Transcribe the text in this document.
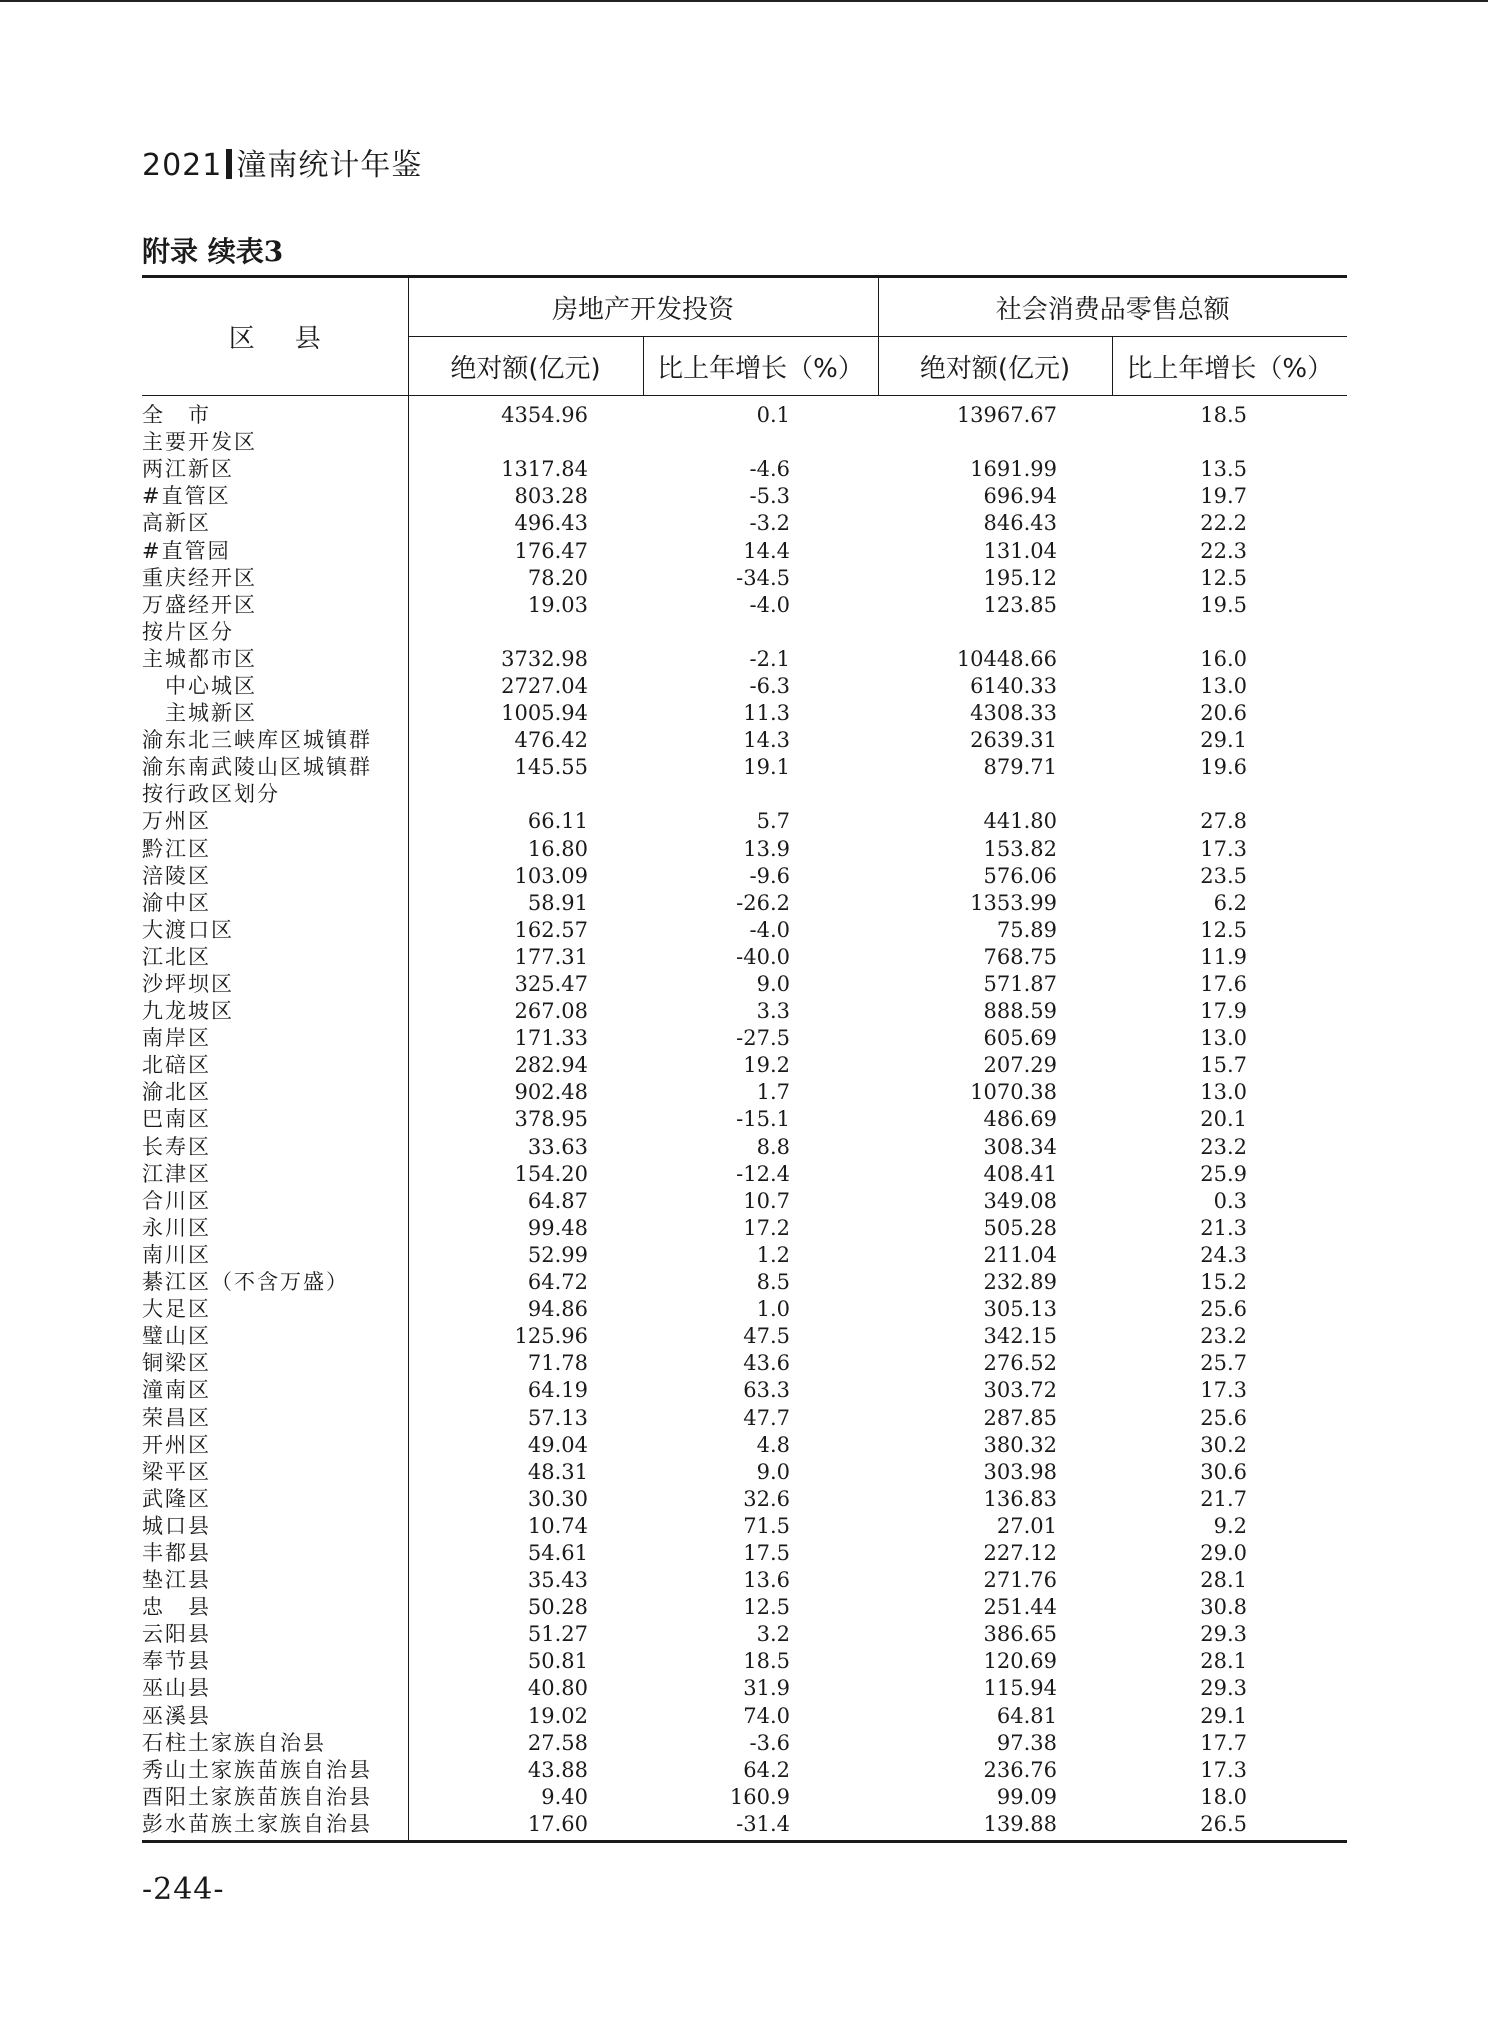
2021 潼南统计年鉴
附录 续表3
区县	房地产开发投资		社会消费品零售总额	
	绝对额(亿元)	比上年增长（%）	绝对额(亿元)	比上年增长（%）
全　市	4354.96	0.1	13967.67	18.5
主要开发区				
两江新区	1317.84	-4.6	1691.99	13.5
#直管区	803.28	-5.3	696.94	19.7
高新区	496.43	-3.2	846.43	22.2
#直管园	176.47	14.4	131.04	22.3
重庆经开区	78.20	-34.5	195.12	12.5
万盛经开区	19.03	-4.0	123.85	19.5
按片区分				
主城都市区	3732.98	-2.1	10448.66	16.0
　中心城区	2727.04	-6.3	6140.33	13.0
　主城新区	1005.94	11.3	4308.33	20.6
渝东北三峡库区城镇群	476.42	14.3	2639.31	29.1
渝东南武陵山区城镇群	145.55	19.1	879.71	19.6
按行政区划分				
万州区	66.11	5.7	441.80	27.8
黔江区	16.80	13.9	153.82	17.3
涪陵区	103.09	-9.6	576.06	23.5
渝中区	58.91	-26.2	1353.99	6.2
大渡口区	162.57	-4.0	75.89	12.5
江北区	177.31	-40.0	768.75	11.9
沙坪坝区	325.47	9.0	571.87	17.6
九龙坡区	267.08	3.3	888.59	17.9
南岸区	171.33	-27.5	605.69	13.0
北碚区	282.94	19.2	207.29	15.7
渝北区	902.48	1.7	1070.38	13.0
巴南区	378.95	-15.1	486.69	20.1
长寿区	33.63	8.8	308.34	23.2
江津区	154.20	-12.4	408.41	25.9
合川区	64.87	10.7	349.08	0.3
永川区	99.48	17.2	505.28	21.3
南川区	52.99	1.2	211.04	24.3
綦江区（不含万盛）	64.72	8.5	232.89	15.2
大足区	94.86	1.0	305.13	25.6
璧山区	125.96	47.5	342.15	23.2
铜梁区	71.78	43.6	276.52	25.7
潼南区	64.19	63.3	303.72	17.3
荣昌区	57.13	47.7	287.85	25.6
开州区	49.04	4.8	380.32	30.2
梁平区	48.31	9.0	303.98	30.6
武隆区	30.30	32.6	136.83	21.7
城口县	10.74	71.5	27.01	9.2
丰都县	54.61	17.5	227.12	29.0
垫江县	35.43	13.6	271.76	28.1
忠　县	50.28	12.5	251.44	30.8
云阳县	51.27	3.2	386.65	29.3
奉节县	50.81	18.5	120.69	28.1
巫山县	40.80	31.9	115.94	29.3
巫溪县	19.02	74.0	64.81	29.1
石柱土家族自治县	27.58	-3.6	97.38	17.7
秀山土家族苗族自治县	43.88	64.2	236.76	17.3
酉阳土家族苗族自治县	9.40	160.9	99.09	18.0
彭水苗族土家族自治县	17.60	-31.4	139.88	26.5
-244-
